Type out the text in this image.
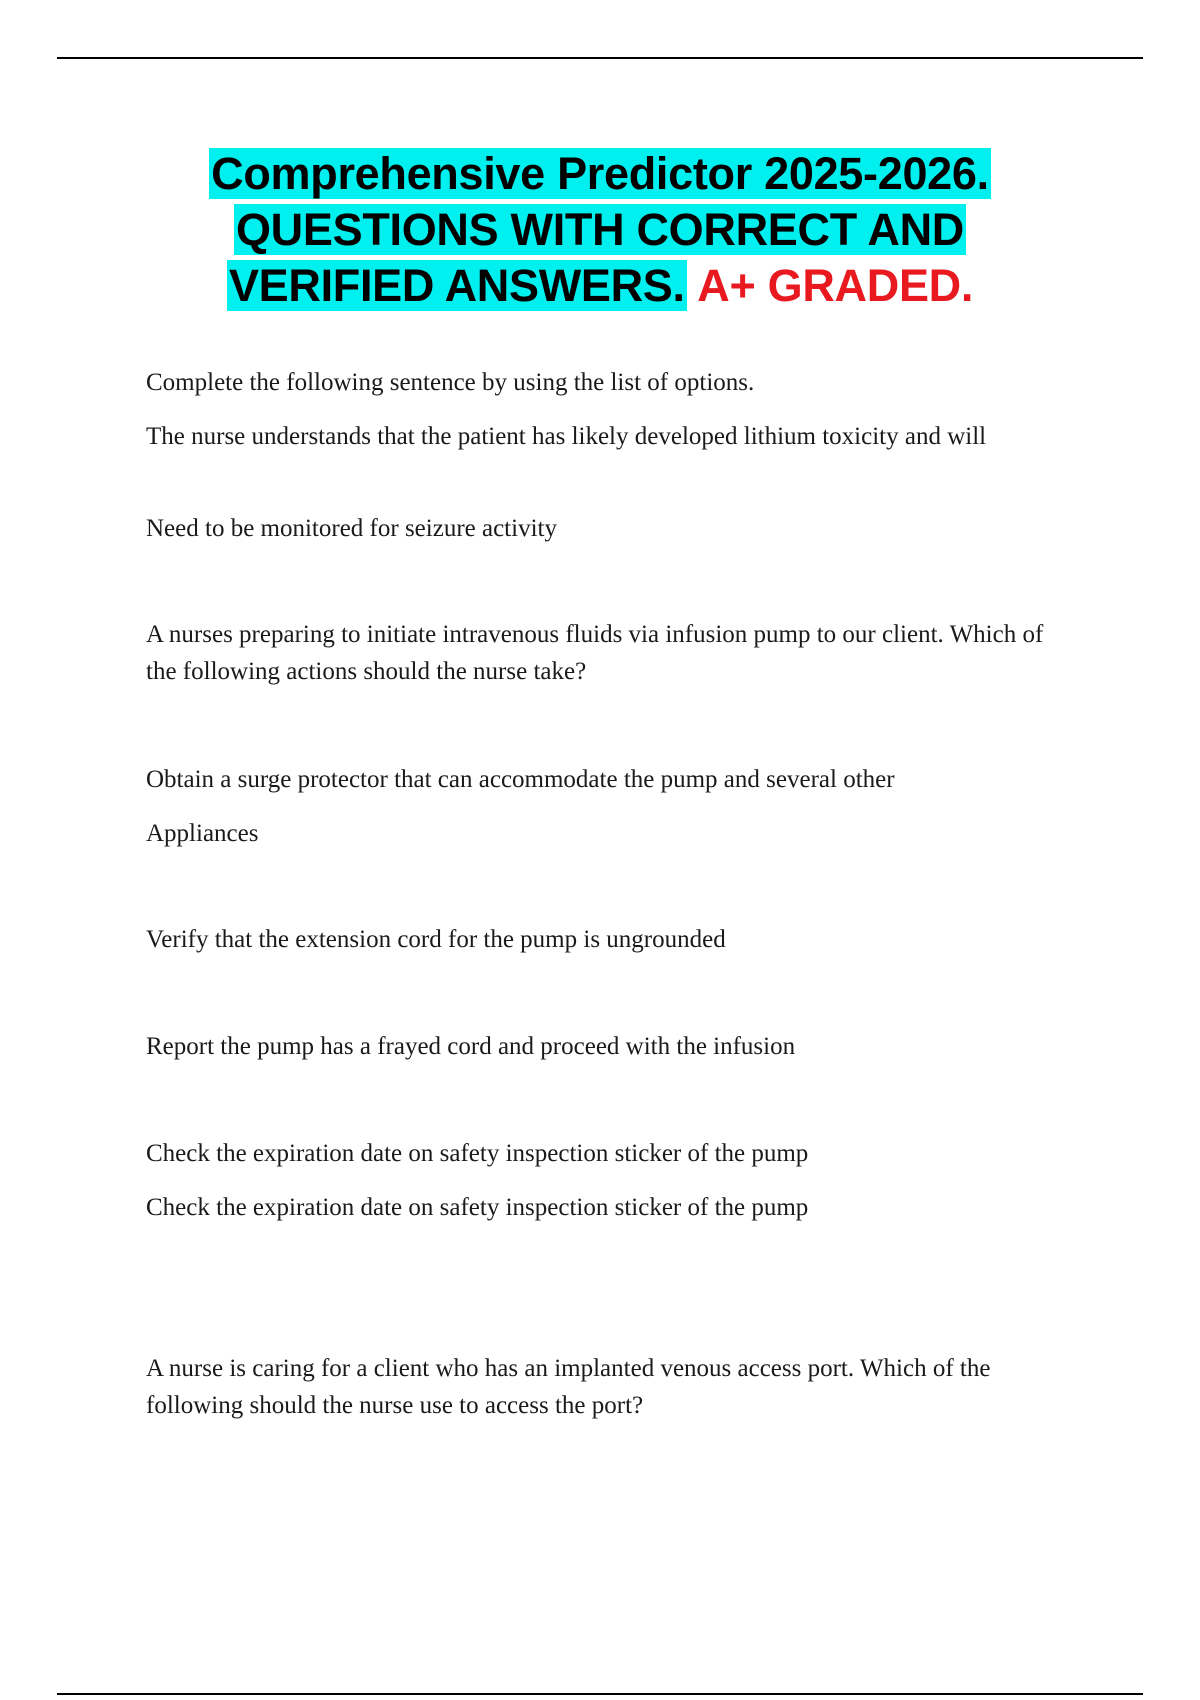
Comprehensive Predictor 2025-2026.
QUESTIONS WITH CORRECT AND
VERIFIED ANSWERS. A+ GRADED.

Complete the following sentence by using the list of options.

The nurse understands that the patient has likely developed lithium toxicity and will

Need to be monitored for seizure activity

A nurses preparing to initiate intravenous fluids via infusion pump to our client. Which of the following actions should the nurse take?

Obtain a surge protector that can accommodate the pump and several other

Appliances

Verify that the extension cord for the pump is ungrounded

Report the pump has a frayed cord and proceed with the infusion

Check the expiration date on safety inspection sticker of the pump

Check the expiration date on safety inspection sticker of the pump

A nurse is caring for a client who has an implanted venous access port. Which of the following should the nurse use to access the port?
